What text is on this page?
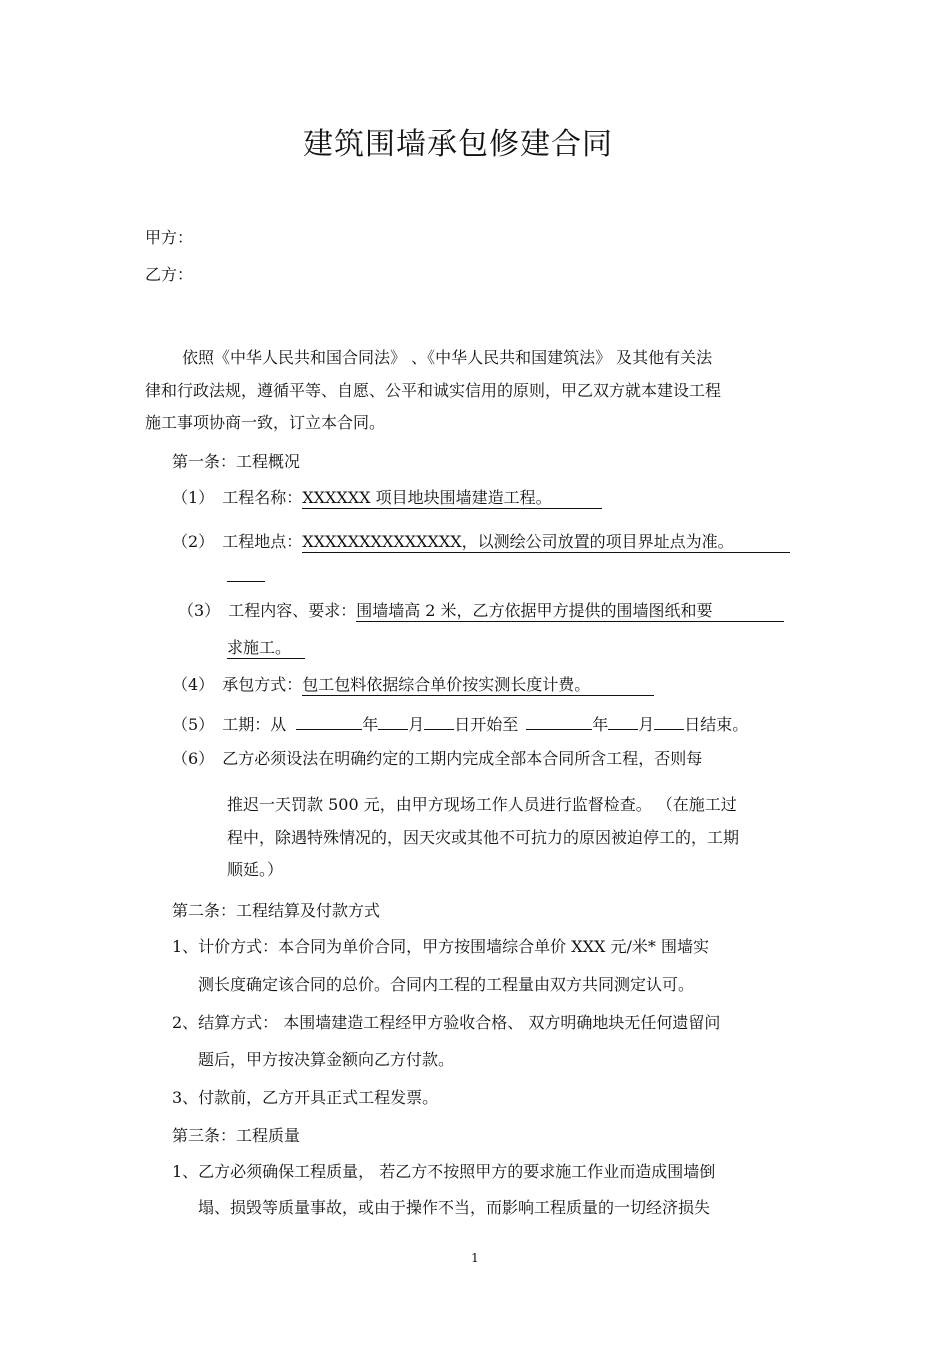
建筑围墙承包修建合同
甲方：
乙方：
依照《中华人民共和国合同法》 、《中华人民共和国建筑法》 及其他有关法
律和行政法规，遵循平等、自愿、公平和诚实信用的原则，甲乙双方就本建设工程
施工事项协商一致，订立本合同。
第一条：工程概况
（1） 工程名称：XXXXXX 项目地块围墙建造工程。
（2） 工程地点：XXXXXXXXXXXXXX，以测绘公司放置的项目界址点为准。
（3） 工程内容、要求：围墙墙高 2 米，乙方依据甲方提供的围墙图纸和要
求施工。
（4） 承包方式：包工包料依据综合单价按实测长度计费。
（5） 工期：从	年 月 日开始至	年 月 日结束。
（6） 乙方必须设法在明确约定的工期内完成全部本合同所含工程，否则每
推迟一天罚款 500 元，由甲方现场工作人员进行监督检查。 （在施工过
程中，除遇特殊情况的，因天灾或其他不可抗力的原因被迫停工的，工期
顺延。）
第二条：工程结算及付款方式
1、计价方式：本合同为单价合同，甲方按围墙综合单价 XXX 元/米* 围墙实
测长度确定该合同的总价。合同内工程的工程量由双方共同测定认可。
2、结算方式： 本围墙建造工程经甲方验收合格、 双方明确地块无任何遗留问
题后，甲方按决算金额向乙方付款。
3、付款前，乙方开具正式工程发票。
第三条：工程质量
1、乙方必须确保工程质量， 若乙方不按照甲方的要求施工作业而造成围墙倒
塌、损毁等质量事故，或由于操作不当，而影响工程质量的一切经济损失
1
